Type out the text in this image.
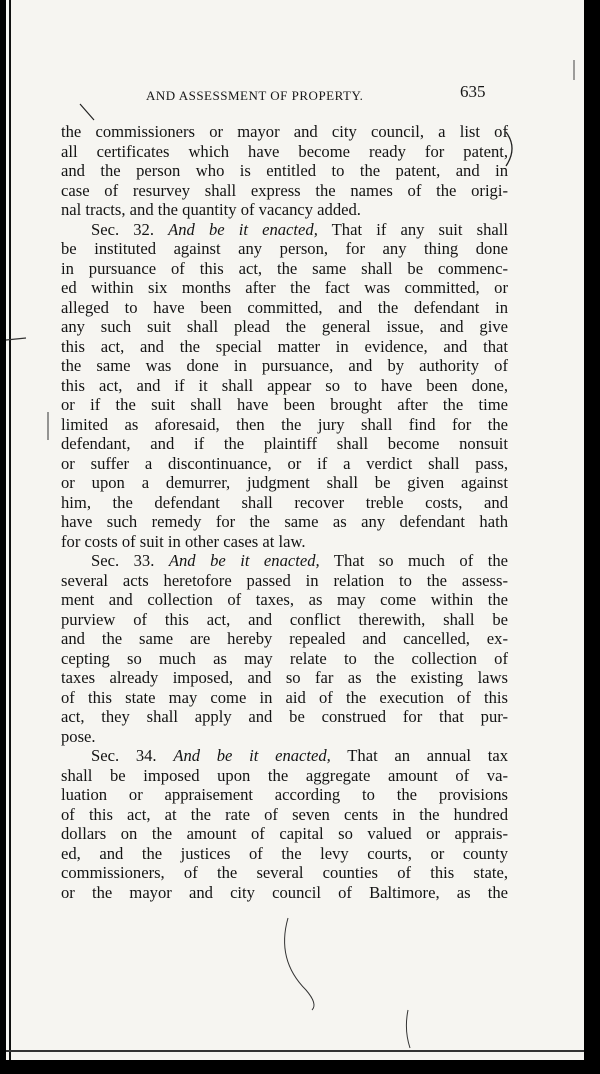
AND ASSESSMENT OF PROPERTY.	635
the commissioners or mayor and city council, a list of
all certificates which have become ready for patent,
and the person who is entitled to the patent, and in
case of resurvey shall express the names of the origi-
nal tracts, and the quantity of vacancy added.
Sec. 32. And be it enacted, That if any suit shall
be instituted against any person, for any thing done
in pursuance of this act, the same shall be commenc-
ed within six months after the fact was committed, or
alleged to have been committed, and the defendant in
any such suit shall plead the general issue, and give
this act, and the special matter in evidence, and that
the same was done in pursuance, and by authority of
this act, and if it shall appear so to have been done,
or if the suit shall have been brought after the time
limited as aforesaid, then the jury shall find for the
defendant, and if the plaintiff shall become nonsuit
or suffer a discontinuance, or if a verdict shall pass,
or upon a demurrer, judgment shall be given against
him, the defendant shall recover treble costs, and
have such remedy for the same as any defendant hath
for costs of suit in other cases at law.
Sec. 33. And be it enacted, That so much of the
several acts heretofore passed in relation to the assess-
ment and collection of taxes, as may come within the
purview of this act, and conflict therewith, shall be
and the same are hereby repealed and cancelled, ex-
cepting so much as may relate to the collection of
taxes already imposed, and so far as the existing laws
of this state may come in aid of the execution of this
act, they shall apply and be construed for that pur-
pose.
Sec. 34. And be it enacted, That an annual tax
shall be imposed upon the aggregate amount of va-
luation or appraisement according to the provisions
of this act, at the rate of seven cents in the hundred
dollars on the amount of capital so valued or apprais-
ed, and the justices of the levy courts, or county
commissioners, of the several counties of this state,
or the mayor and city council of Baltimore, as the
